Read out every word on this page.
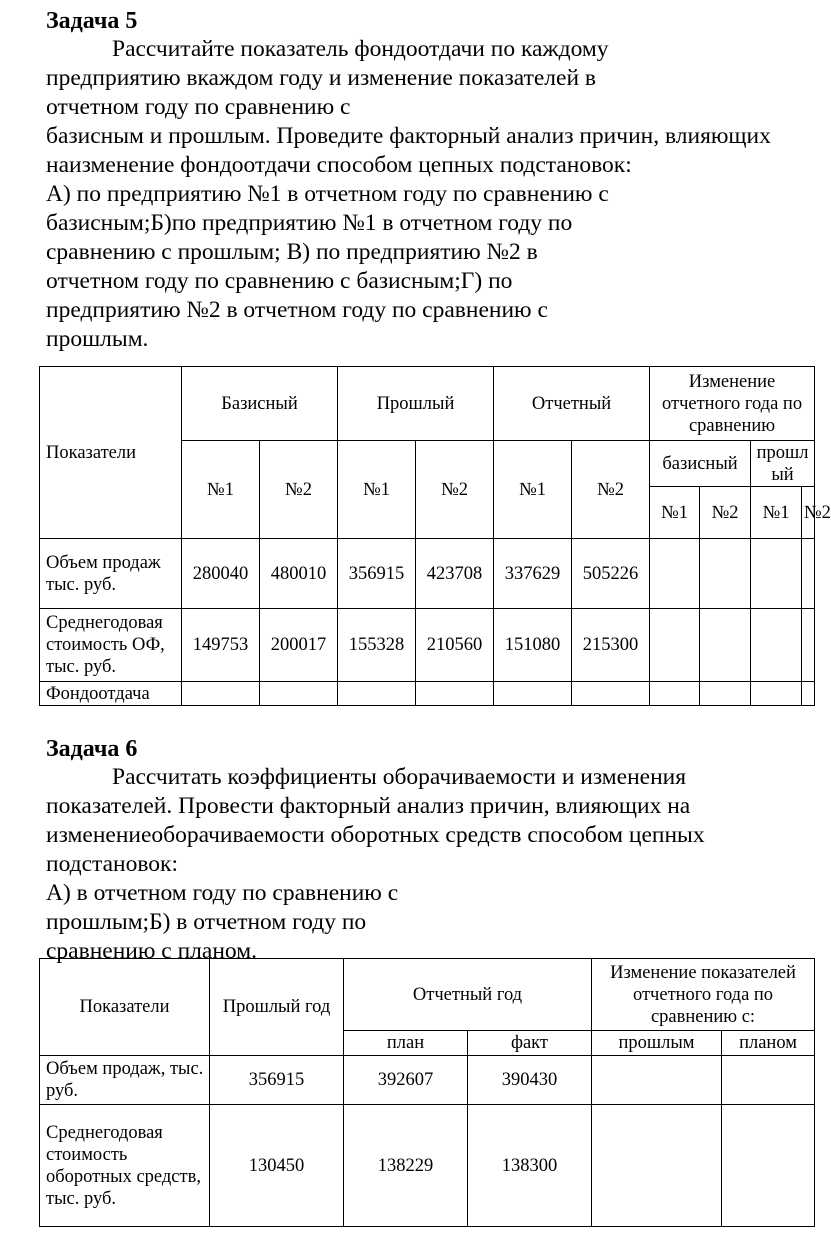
Задача 5
Рассчитайте показатель фондоотдачи по каждому
предприятию вкаждом году и изменение показателей в
отчетном году по сравнению с
базисным и прошлым. Проведите факторный анализ причин, влияющих
наизменение фондоотдачи способом цепных подстановок:
А) по предприятию №1 в отчетном году по сравнению с
базисным;Б)по предприятию №1 в отчетном году по
сравнению с прошлым; В) по предприятию №2 в
отчетном году по сравнению с базисным;Г) по
предприятию №2 в отчетном году по сравнению с
прошлым.
Показатели	Базисный		Прошлый		Отчетный		Изменение отчетного года по сравнению			
	№1	№2	№1	№2	№1	№2	базисный		прошлый	
							№1	№2	№1	№2
Объем продаж тыс. руб.	280040	480010	356915	423708	337629	505226				
Среднегодовая стоимость ОФ, тыс. руб.	149753	200017	155328	210560	151080	215300				
Фондоотдача										
Задача 6
Рассчитать коэффициенты оборачиваемости и изменения
показателей. Провести факторный анализ причин, влияющих на
изменениеоборачиваемости оборотных средств способом цепных
подстановок:
А) в отчетном году по сравнению с
прошлым;Б) в отчетном году по
сравнению с планом.
Показатели	Прошлый год	Отчетный год		Изменение показателей отчетного года по сравнению с:	
		план	факт	прошлым	планом
Объем продаж, тыс. руб.	356915	392607	390430		
Среднегодовая стоимость оборотных средств, тыс. руб.	130450	138229	138300		
